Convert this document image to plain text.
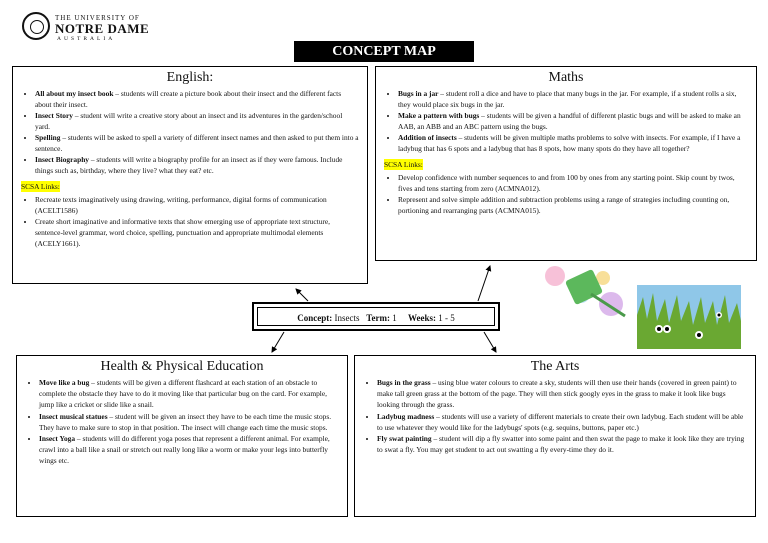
THE UNIVERSITY OF
NOTRE DAME
AUSTRALIA
CONCEPT MAP
English:
• All about my insect book – students will create a picture book about their insect and the different facts about their insect.
• Insect Story – student will write a creative story about an insect and its adventures in the garden/school yard.
• Spelling – students will be asked to spell a variety of different insect names and then asked to put them into a sentence.
• Insect Biography – students will write a biography profile for an insect as if they were famous. Include things such as, birthday, where they live? what they eat? etc.
SCSA Links:
• Recreate texts imaginatively using drawing, writing, performance, digital forms of communication (ACELT1586)
• Create short imaginative and informative texts that show emerging use of appropriate text structure, sentence-level grammar, word choice, spelling, punctuation and appropriate multimodal elements (ACELY1661).
Maths
• Bugs in a jar – student roll a dice and have to place that many bugs in the jar. For example, if a student rolls a six, they would place six bugs in the jar.
• Make a pattern with bugs – students will be given a handful of different plastic bugs and will be asked to make an AAB, an ABB and an ABC pattern using the bugs.
• Addition of insects – students will be given multiple maths problems to solve with insects. For example, if I have a ladybug that has 6 spots and a ladybug that has 8 spots, how many spots do they have all together?
SCSA Links:
• Develop confidence with number sequences to and from 100 by ones from any starting point. Skip count by twos, fives and tens starting from zero (ACMNA012).
• Represent and solve simple addition and subtraction problems using a range of strategies including counting on, portioning and rearranging parts (ACMNA015).
Concept: Insects Term: 1 Weeks: 1 - 5
Health & Physical Education
• Move like a bug – students will be given a different flashcard at each station of an obstacle to complete the obstacle they have to do it moving like that particular bug on the card. For example, jump like a cricket or slide like a snail.
• Insect musical statues – student will be given an insect they have to be each time the music stops. They have to make sure to stop in that position. The insect will change each time the music stops.
• Insect Yoga – students will do different yoga poses that represent a different animal. For example, crawl into a ball like a snail or stretch out really long like a worm or make your legs into butterfly wings etc.
The Arts
• Bugs in the grass – using blue water colours to create a sky, students will then use their hands (covered in green paint) to make tall green grass at the bottom of the page. They will then stick googly eyes in the grass to make it look like bugs looking through the grass.
• Ladybug madness – students will use a variety of different materials to create their own ladybug. Each student will be able to use whatever they would like for the ladybugs' spots (e.g. sequins, buttons, paper etc.)
• Fly swat painting – student will dip a fly swatter into some paint and then swat the page to make it look like they are trying to swat a fly. You may get student to act out swatting a fly every-time they do it.
